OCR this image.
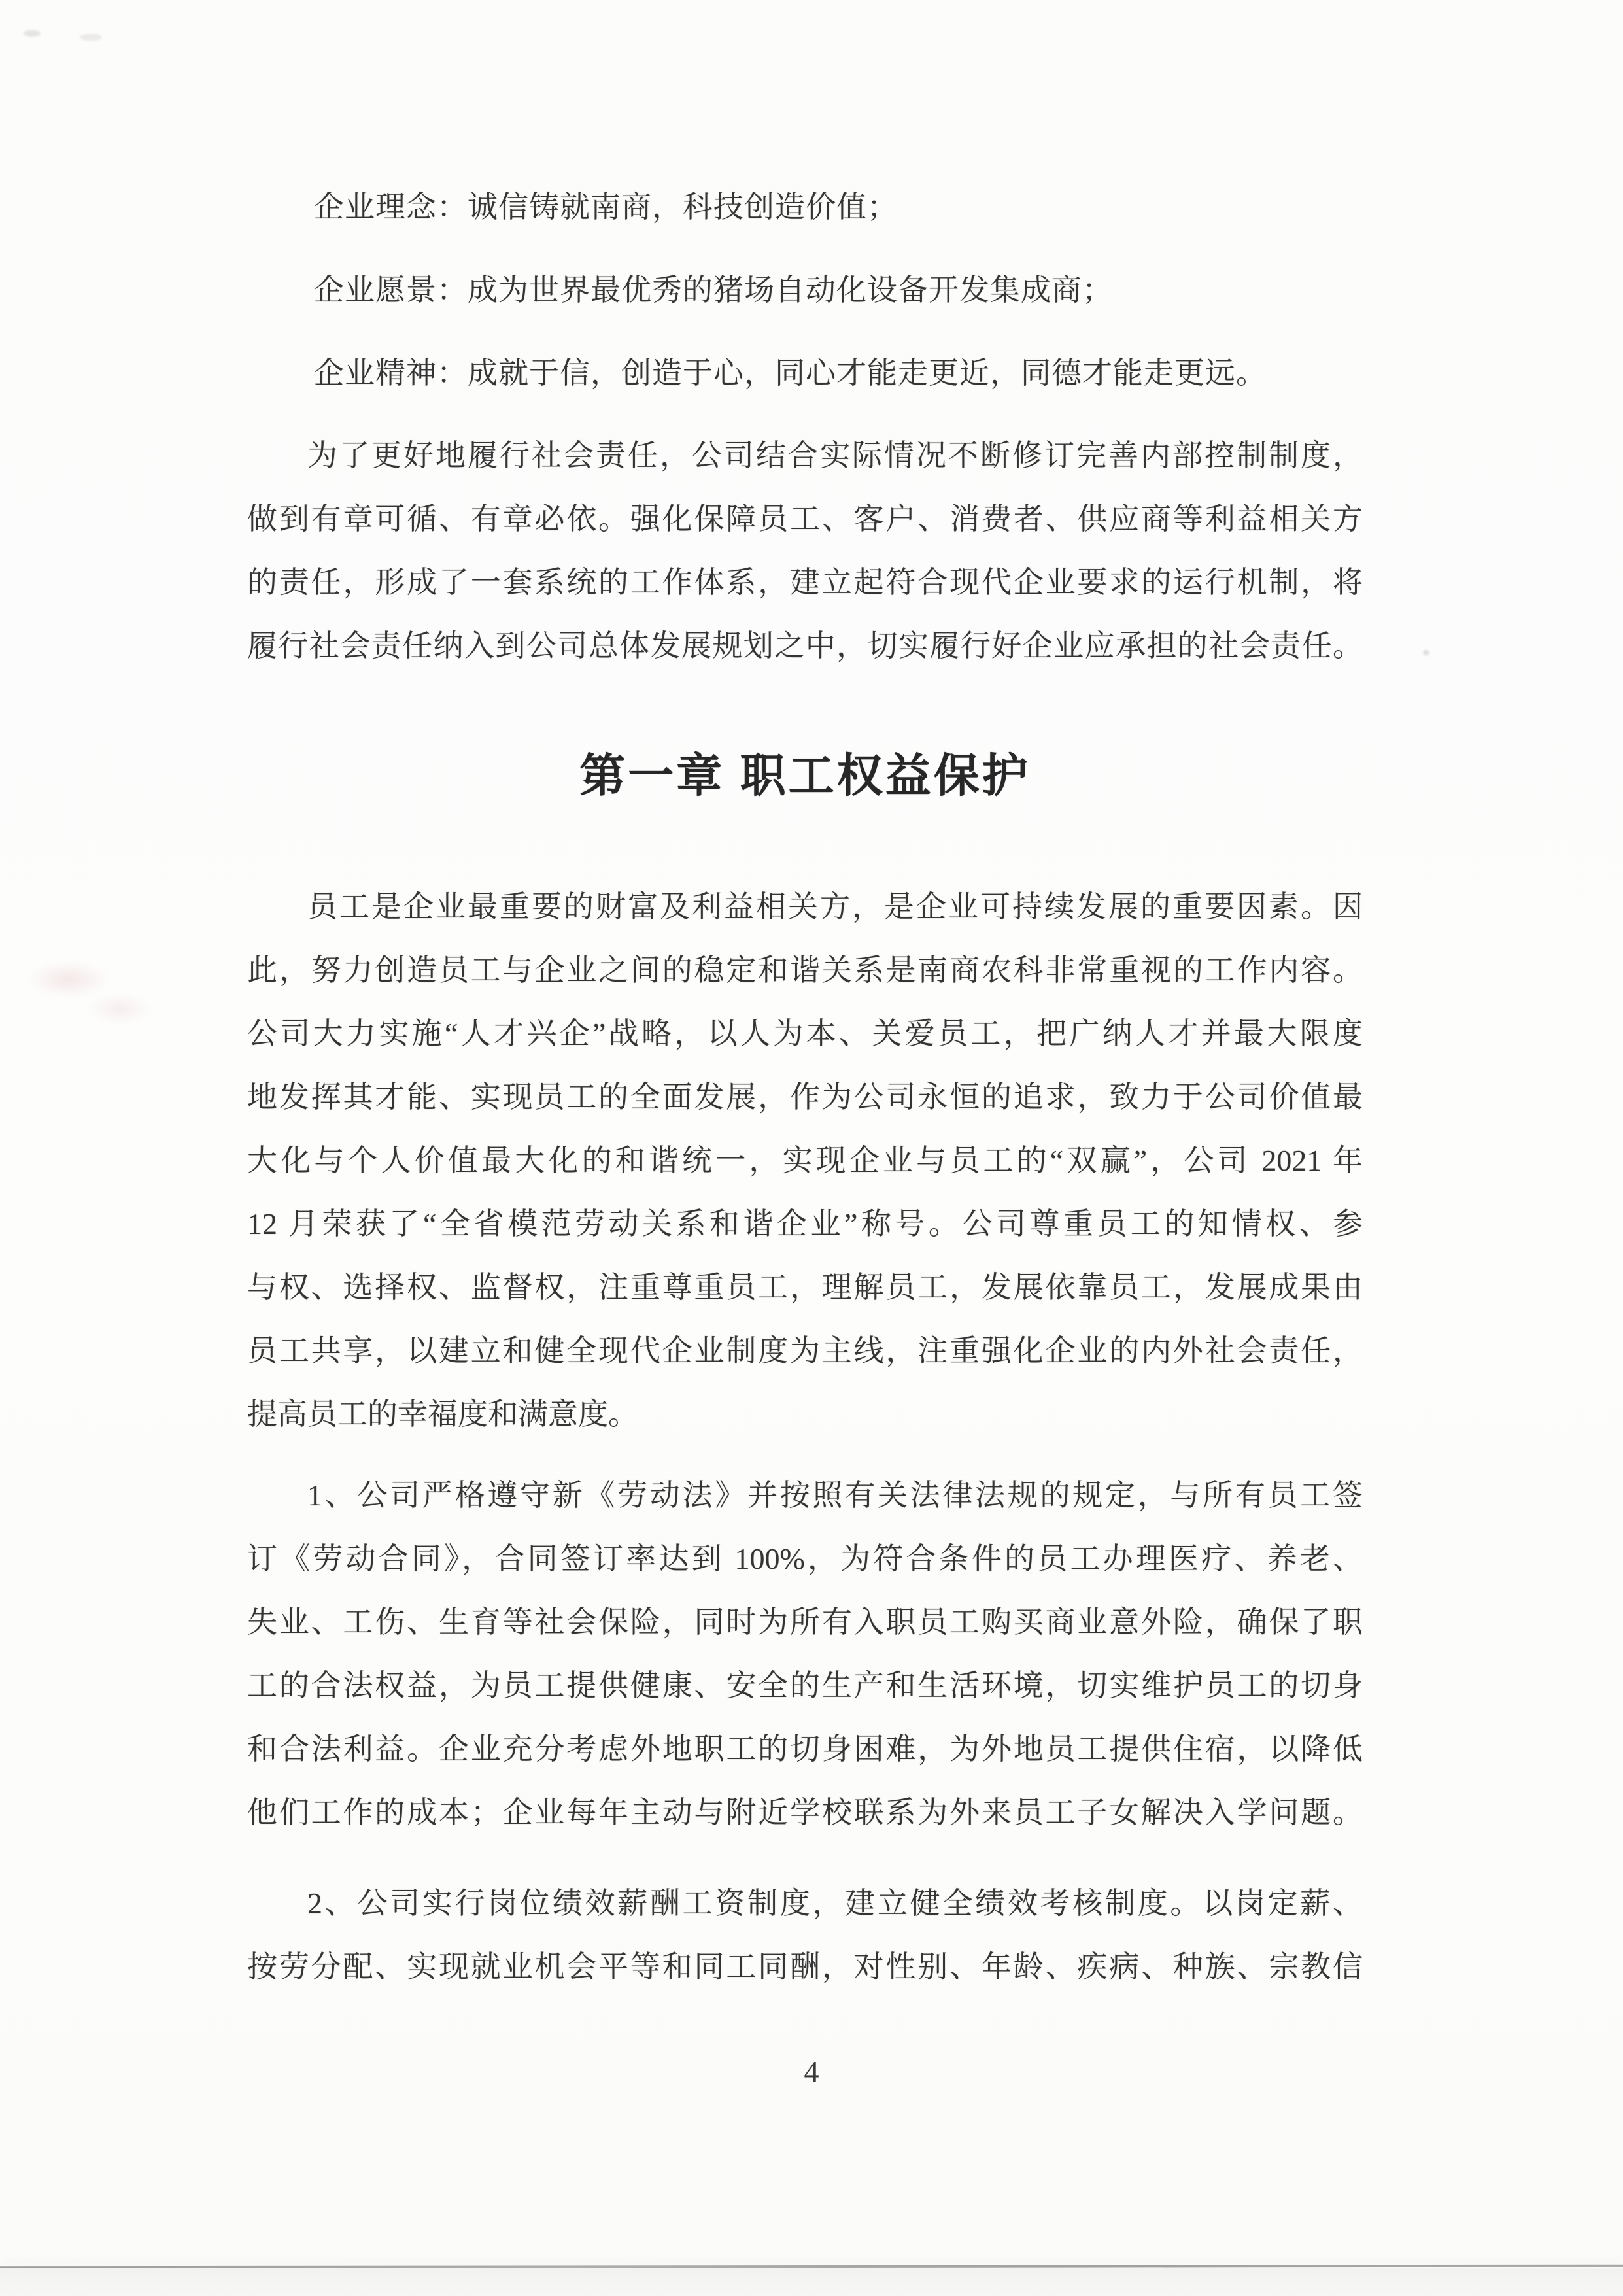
企业理念：诚信铸就南商，科技创造价值；
企业愿景：成为世界最优秀的猪场自动化设备开发集成商；
企业精神：成就于信，创造于心，同心才能走更近，同德才能走更远。
为了更好地履行社会责任，公司结合实际情况不断修订完善内部控制制度，
做到有章可循、有章必依。强化保障员工、客户、消费者、供应商等利益相关方
的责任，形成了一套系统的工作体系，建立起符合现代企业要求的运行机制，将
履行社会责任纳入到公司总体发展规划之中，切实履行好企业应承担的社会责任。
第一章 职工权益保护
员工是企业最重要的财富及利益相关方，是企业可持续发展的重要因素。因
此，努力创造员工与企业之间的稳定和谐关系是南商农科非常重视的工作内容。
公司大力实施“人才兴企”战略，以人为本、关爱员工，把广纳人才并最大限度
地发挥其才能、实现员工的全面发展，作为公司永恒的追求，致力于公司价值最
大化与个人价值最大化的和谐统一，实现企业与员工的“双赢”，公司 2021 年
12 月荣获了“全省模范劳动关系和谐企业”称号。公司尊重员工的知情权、参
与权、选择权、监督权，注重尊重员工，理解员工，发展依靠员工，发展成果由
员工共享，以建立和健全现代企业制度为主线，注重强化企业的内外社会责任，
提高员工的幸福度和满意度。
1、公司严格遵守新《劳动法》并按照有关法律法规的规定，与所有员工签
订《劳动合同》，合同签订率达到 100%，为符合条件的员工办理医疗、养老、
失业、工伤、生育等社会保险，同时为所有入职员工购买商业意外险，确保了职
工的合法权益，为员工提供健康、安全的生产和生活环境，切实维护员工的切身
和合法利益。企业充分考虑外地职工的切身困难，为外地员工提供住宿，以降低
他们工作的成本；企业每年主动与附近学校联系为外来员工子女解决入学问题。
2、公司实行岗位绩效薪酬工资制度，建立健全绩效考核制度。以岗定薪、
按劳分配、实现就业机会平等和同工同酬，对性别、年龄、疾病、种族、宗教信
4
